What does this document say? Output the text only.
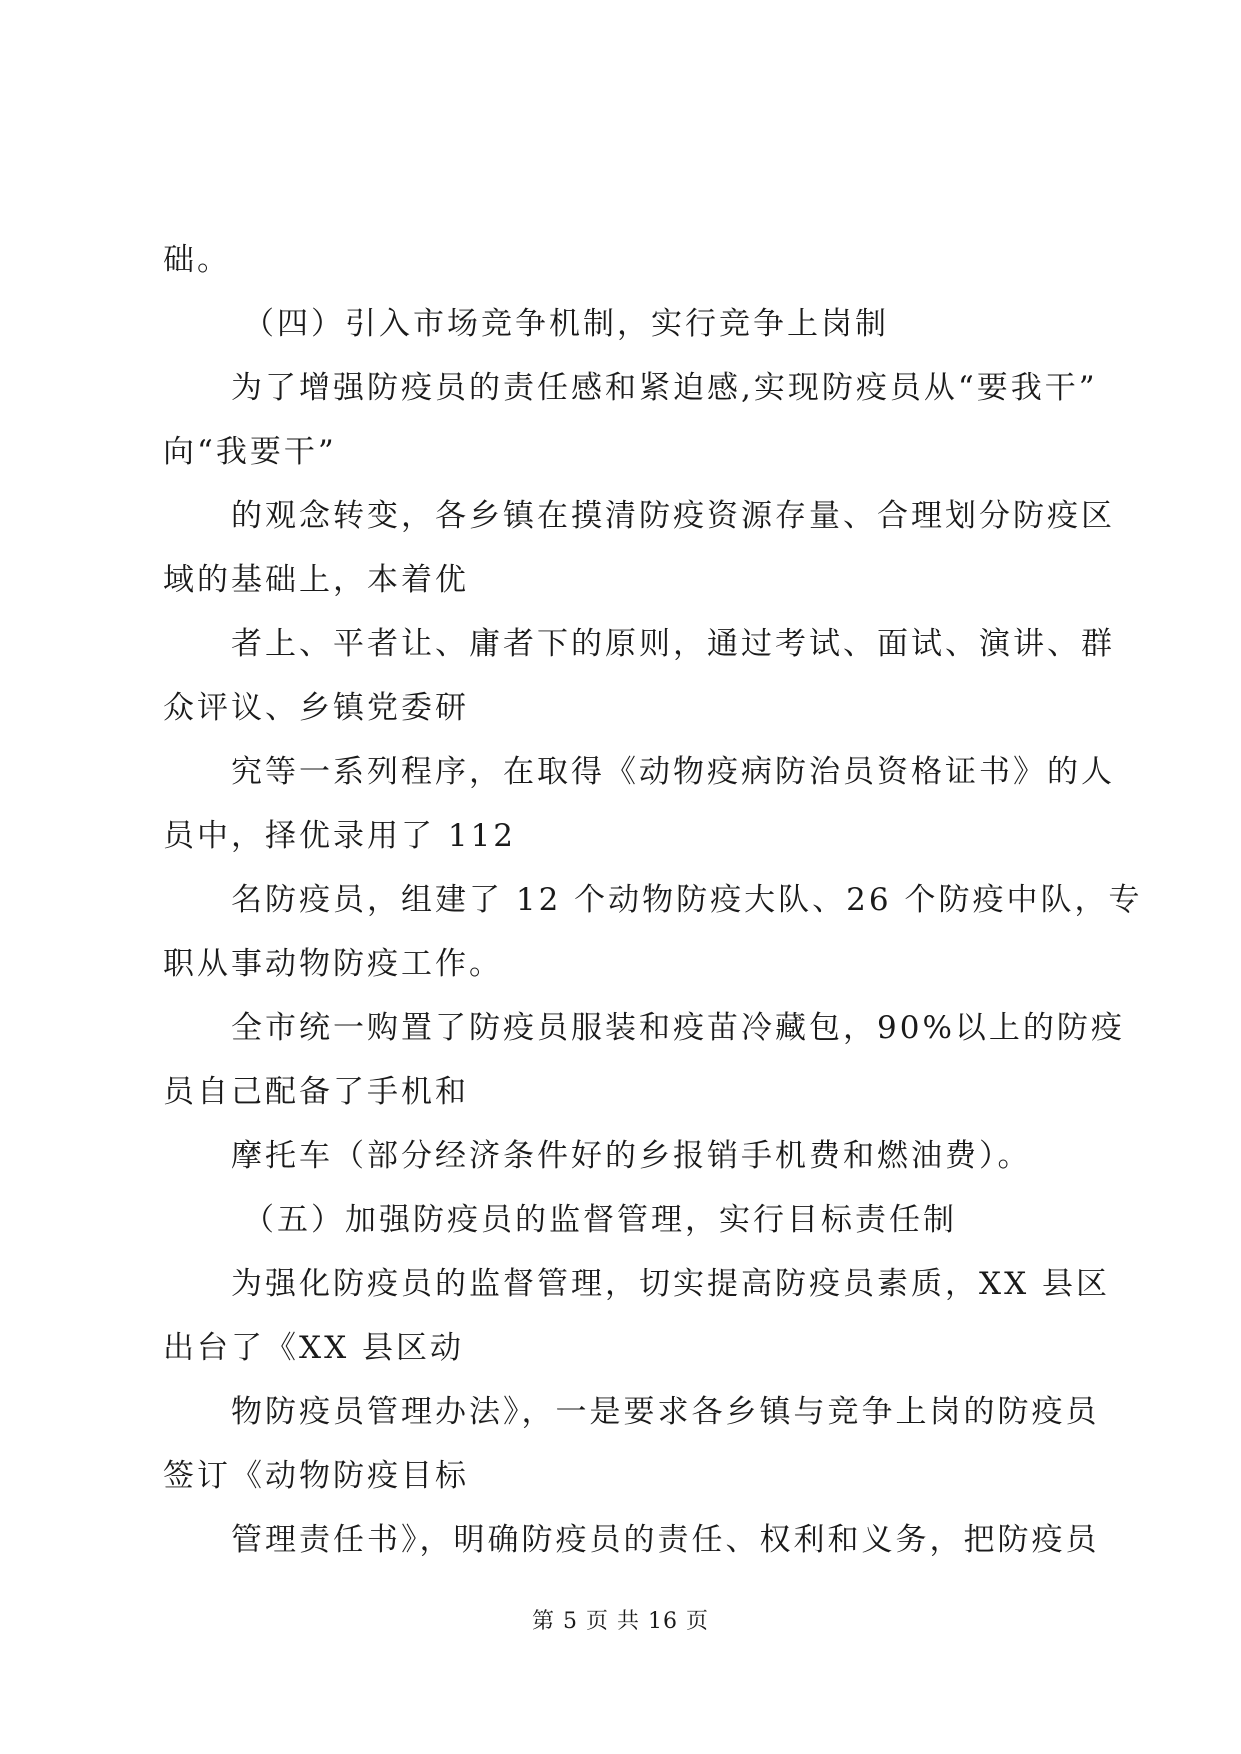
础。
（四）引入市场竞争机制，实行竞争上岗制
为了增强防疫员的责任感和紧迫感,实现防疫员从“要我干”
向“我要干”
的观念转变，各乡镇在摸清防疫资源存量、合理划分防疫区
域的基础上，本着优
者上、平者让、庸者下的原则，通过考试、面试、演讲、群
众评议、乡镇党委研
究等一系列程序，在取得《动物疫病防治员资格证书》的人
员中，择优录用了 112
名防疫员，组建了 12 个动物防疫大队、26 个防疫中队，专
职从事动物防疫工作。
全市统一购置了防疫员服装和疫苗冷藏包，90%以上的防疫
员自己配备了手机和
摩托车（部分经济条件好的乡报销手机费和燃油费）。
（五）加强防疫员的监督管理，实行目标责任制
为强化防疫员的监督管理，切实提高防疫员素质，XX 县区
出台了《XX 县区动
物防疫员管理办法》，一是要求各乡镇与竞争上岗的防疫员
签订《动物防疫目标
管理责任书》，明确防疫员的责任、权利和义务，把防疫员
第 5 页 共 16 页
